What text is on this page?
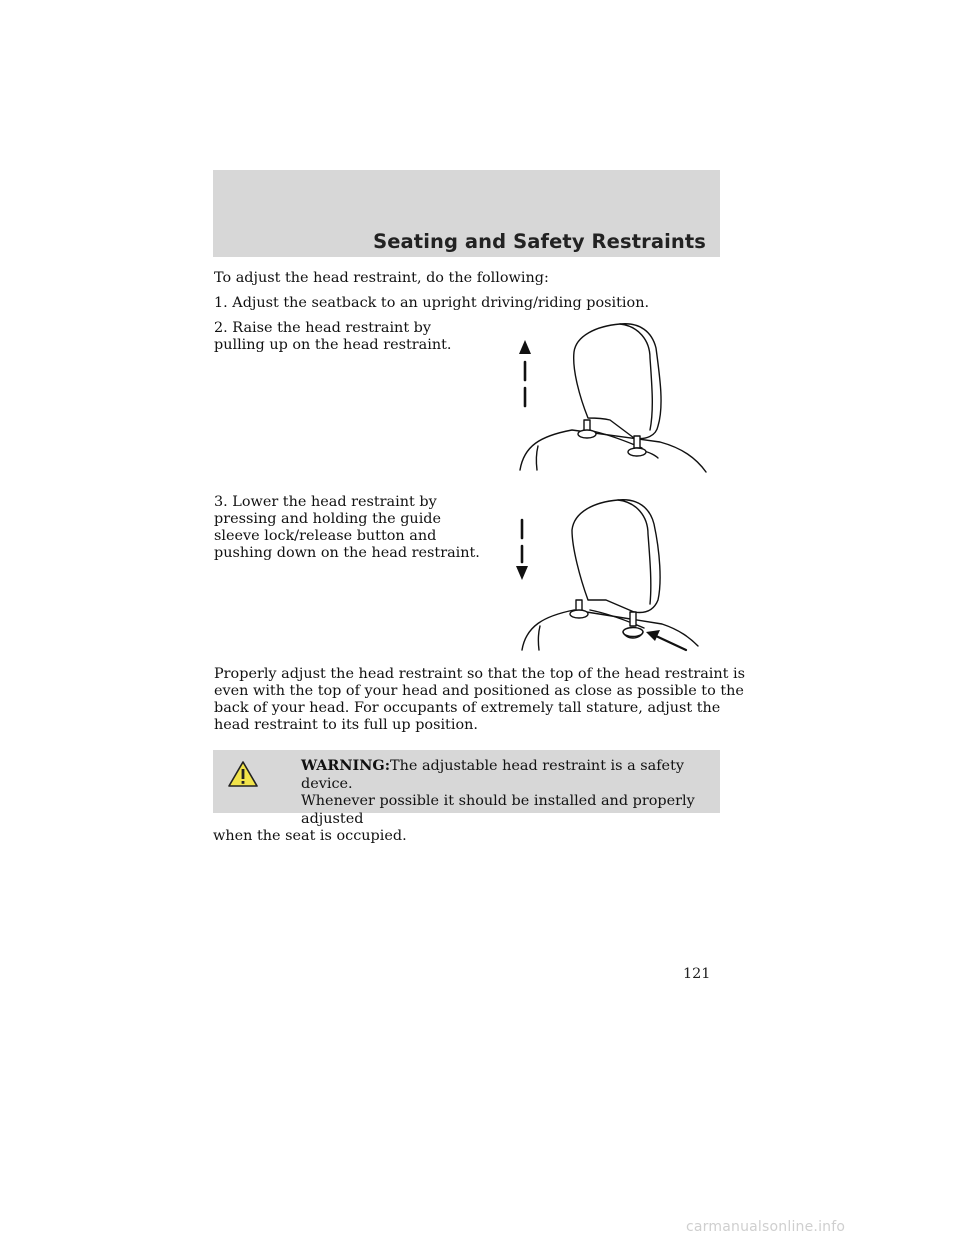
Seating and Safety Restraints

To adjust the head restraint, do the following:

1. Adjust the seatback to an upright driving/riding position.

2. Raise the head restraint by

pulling up on the head restraint.

3. Lower the head restraint by

pressing and holding the guide

sleeve lock/release button and

pushing down on the head restraint.

Properly adjust the head restraint so that the top of the head restraint is

even with the top of your head and positioned as close as possible to the

back of your head. For occupants of extremely tall stature, adjust the

head restraint to its full up position.

WARNING:The adjustable head restraint is a safety device.
Whenever possible it should be installed and properly adjusted
when the seat is occupied.
121
carmanualsonline.info
